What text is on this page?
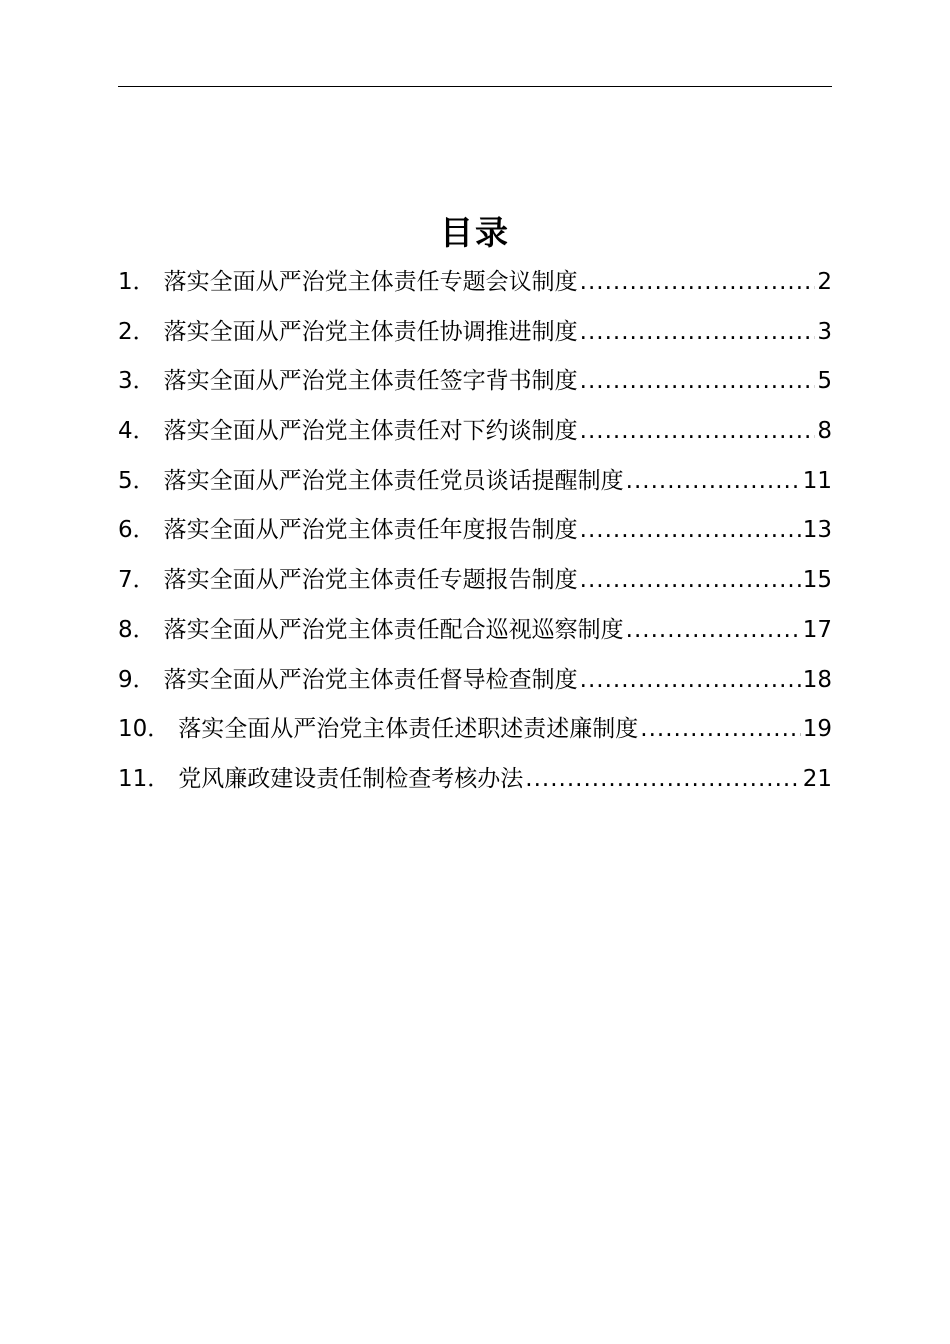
目录
1． 落实全面从严治党主体责任专题会议制度 .....	2
2． 落实全面从严治党主体责任协调推进制度 .....	3
3． 落实全面从严治党主体责任签字背书制度 .....	5
4． 落实全面从严治党主体责任对下约谈制度 .....	8
5． 落实全面从严治党主体责任党员谈话提醒制度 .....	11
6． 落实全面从严治党主体责任年度报告制度 .....	13
7． 落实全面从严治党主体责任专题报告制度 .....	15
8． 落实全面从严治党主体责任配合巡视巡察制度 .....	17
9． 落实全面从严治党主体责任督导检查制度 .....	18
10． 落实全面从严治党主体责任述职述责述廉制度 .....	19
11． 党风廉政建设责任制检查考核办法 .....	21
